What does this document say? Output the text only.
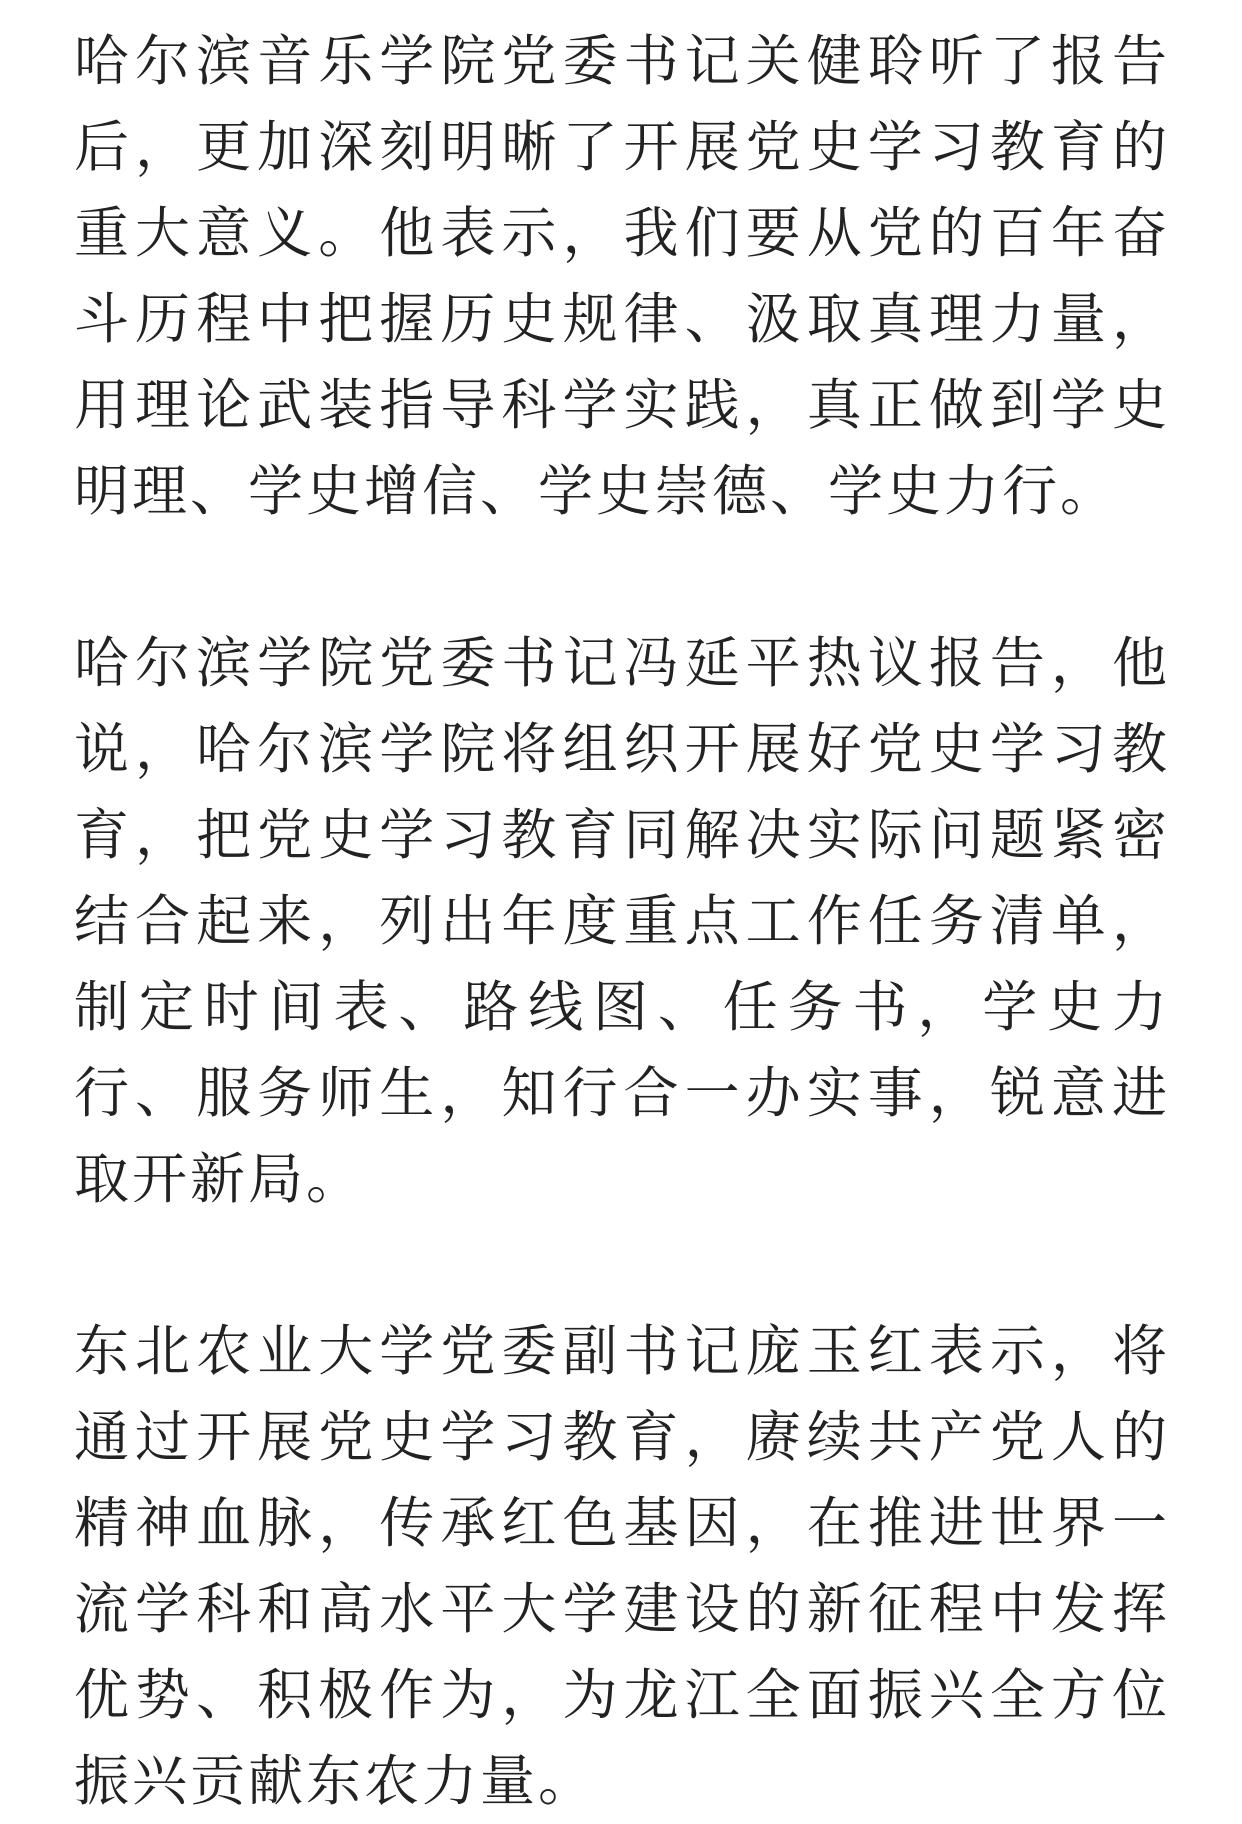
哈尔滨音乐学院党委书记关健聆听了报告后，更加深刻明晰了开展党史学习教育的重大意义。他表示，我们要从党的百年奋斗历程中把握历史规律、汲取真理力量，用理论武装指导科学实践，真正做到学史明理、学史增信、学史崇德、学史力行。

哈尔滨学院党委书记冯延平热议报告，他说，哈尔滨学院将组织开展好党史学习教育，把党史学习教育同解决实际问题紧密结合起来，列出年度重点工作任务清单，制定时间表、路线图、任务书，学史力行、服务师生，知行合一办实事，锐意进取开新局。

东北农业大学党委副书记庞玉红表示，将通过开展党史学习教育，赓续共产党人的精神血脉，传承红色基因，在推进世界一流学科和高水平大学建设的新征程中发挥优势、积极作为，为龙江全面振兴全方位振兴贡献东农力量。
